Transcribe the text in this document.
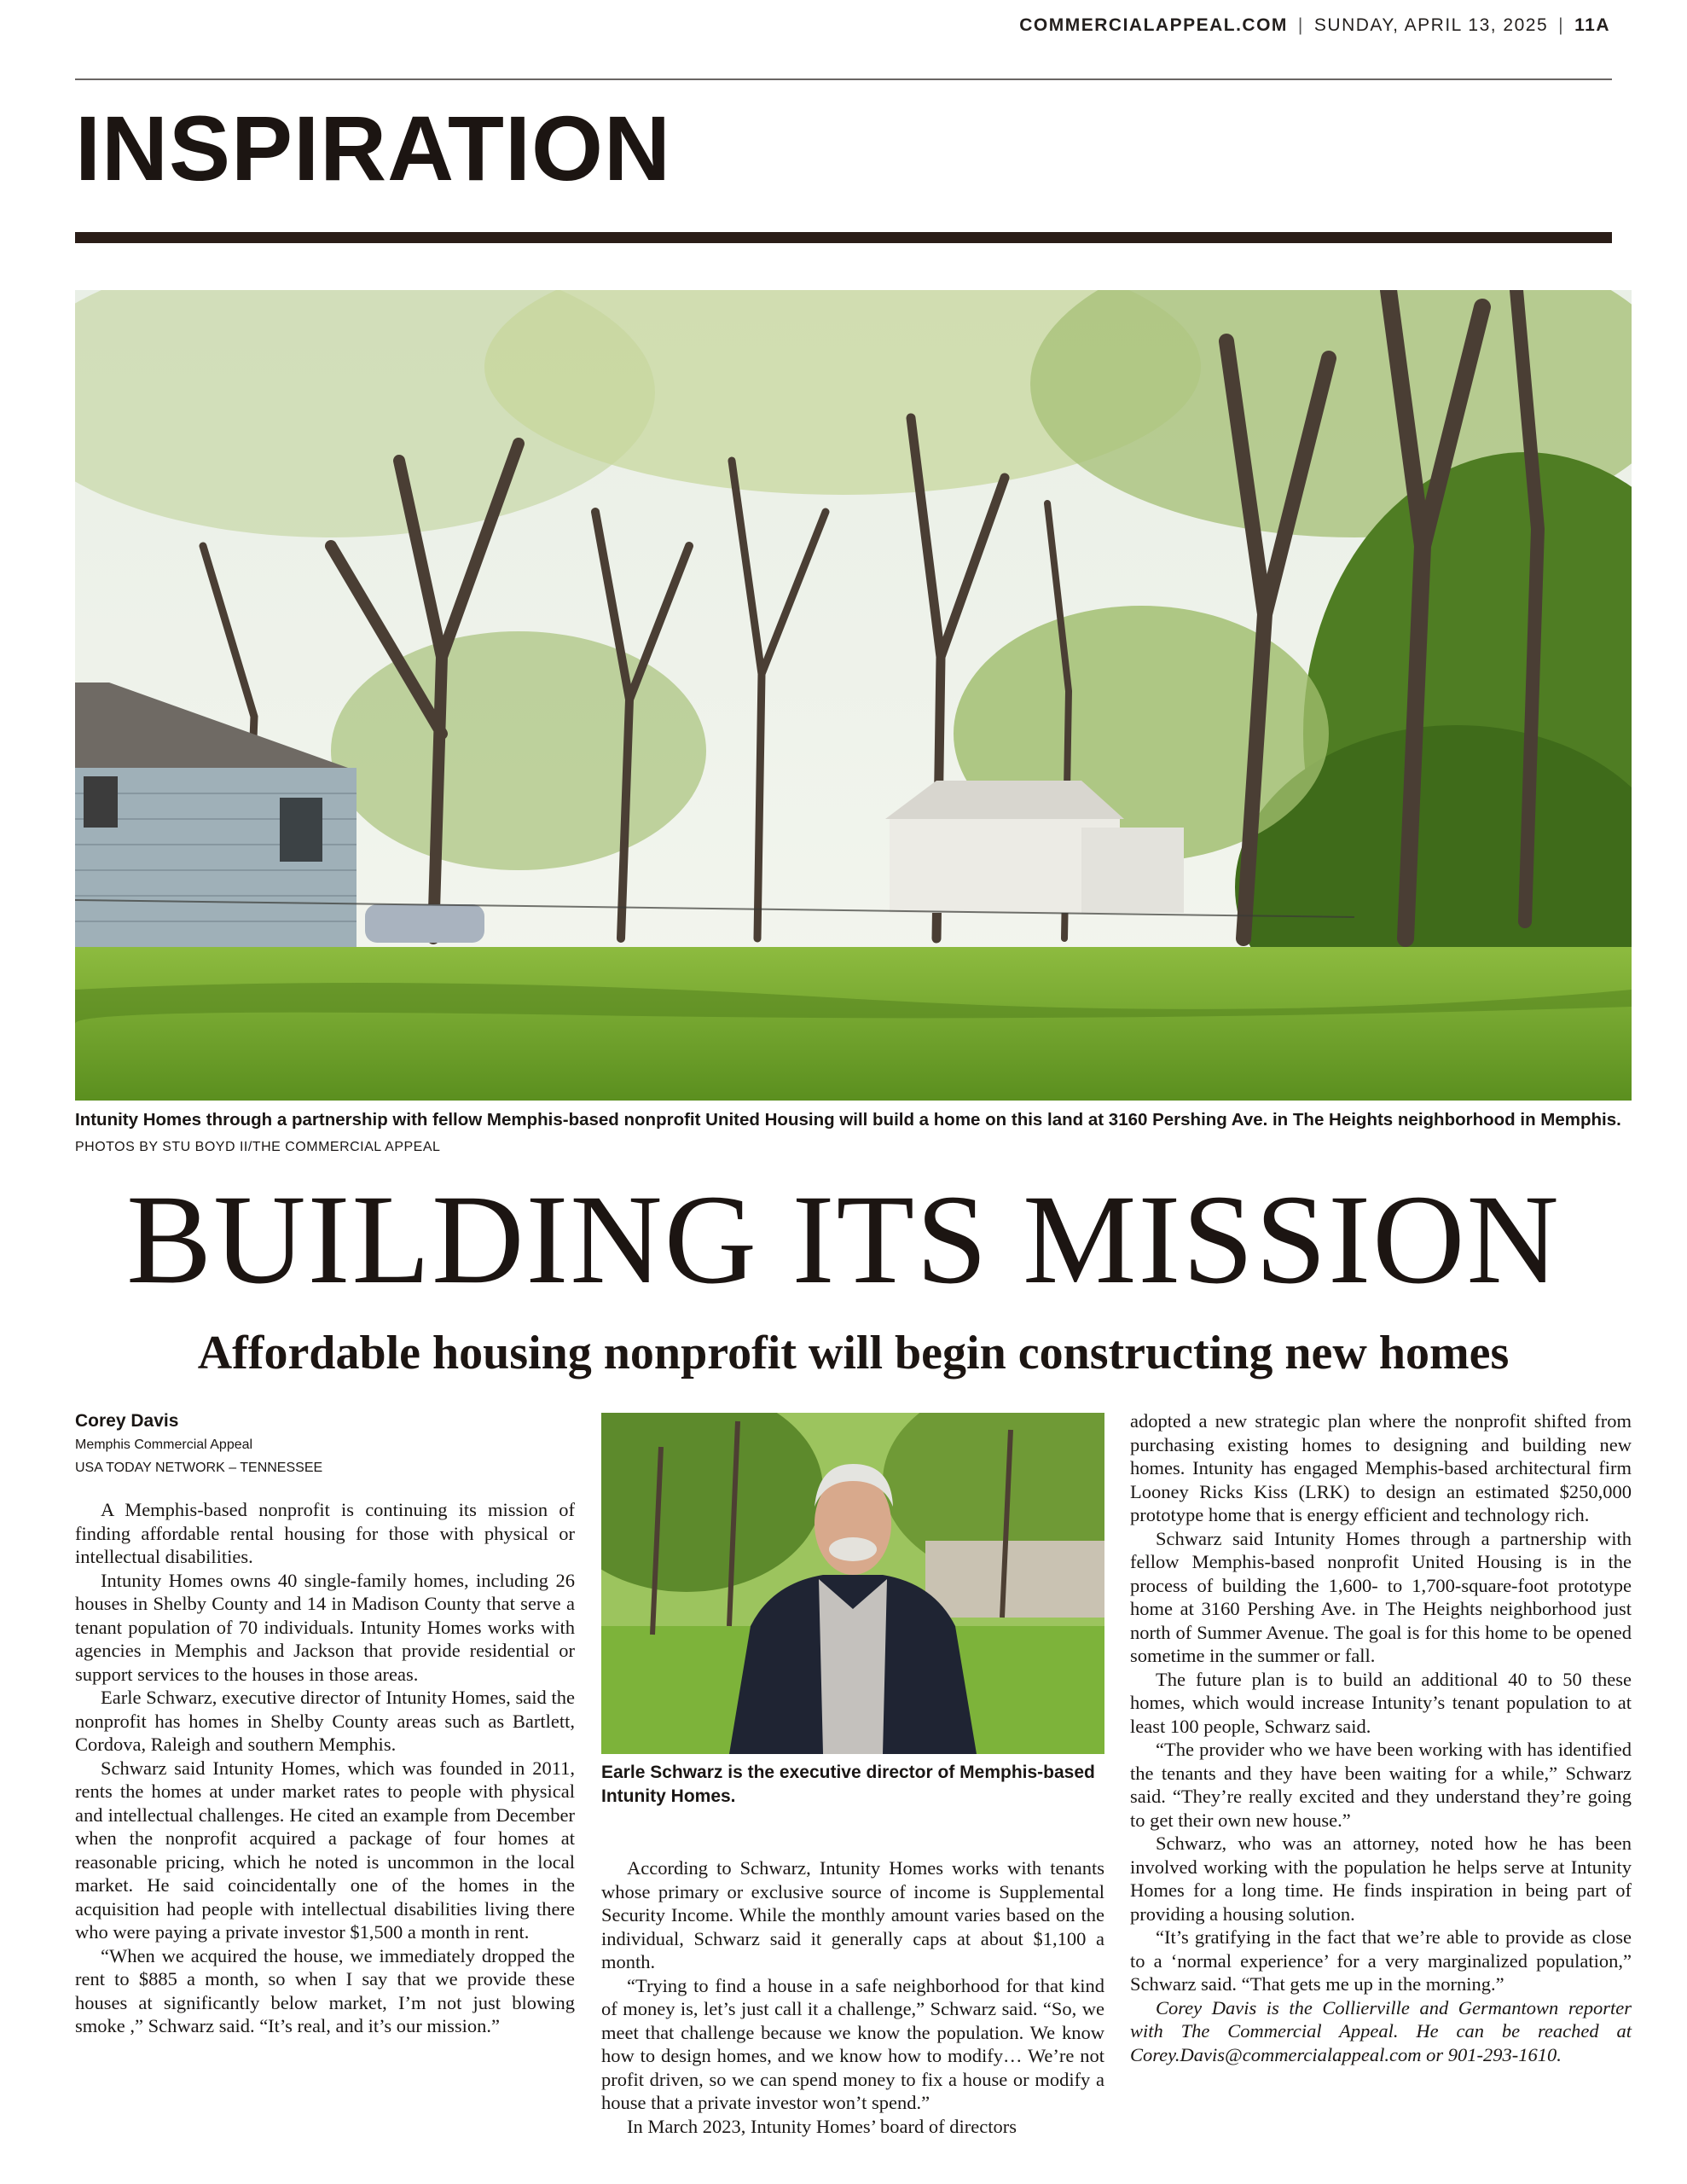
COMMERCIALAPPEAL.COM | SUNDAY, APRIL 13, 2025 | 11A
INSPIRATION
Intunity Homes through a partnership with fellow Memphis-based nonprofit United Housing will build a home on this land at 3160 Pershing Ave. in The Heights neighborhood in Memphis. PHOTOS BY STU BOYD II/THE COMMERCIAL APPEAL
BUILDING ITS MISSION
Affordable housing nonprofit will begin constructing new homes
Corey Davis
Memphis Commercial Appeal
USA TODAY NETWORK – TENNESSEE

A Memphis-based nonprofit is continuing its mission of finding affordable rental housing for those with physical or intellectual disabilities.

Intunity Homes owns 40 single-family homes, including 26 houses in Shelby County and 14 in Madison County that serve a tenant population of 70 individuals. Intunity Homes works with agencies in Memphis and Jackson that provide residential or support services to the houses in those areas.

Earle Schwarz, executive director of Intunity Homes, said the nonprofit has homes in Shelby County areas such as Bartlett, Cordova, Raleigh and southern Memphis.

Schwarz said Intunity Homes, which was founded in 2011, rents the homes at under market rates to people with physical and intellectual challenges. He cited an example from December when the nonprofit acquired a package of four homes at reasonable pricing, which he noted is uncommon in the local market. He said coincidentally one of the homes in the acquisition had people with intellectual disabilities living there who were paying a private investor $1,500 a month in rent.

“When we acquired the house, we immediately dropped the rent to $885 a month, so when I say that we provide these houses at significantly below market, I’m not just blowing smoke ,” Schwarz said. “It’s real, and it’s our mission.”

Earle Schwarz is the executive director of Memphis-based Intunity Homes.

According to Schwarz, Intunity Homes works with tenants whose primary or exclusive source of income is Supplemental Security Income. While the monthly amount varies based on the individual, Schwarz said it generally caps at about $1,100 a month.

“Trying to find a house in a safe neighborhood for that kind of money is, let’s just call it a challenge,” Schwarz said. “So, we meet that challenge because we know the population. We know how to design homes, and we know how to modify… We’re not profit driven, so we can spend money to fix a house or modify a house that a private investor won’t spend.”

In March 2023, Intunity Homes’ board of directors

adopted a new strategic plan where the nonprofit shifted from purchasing existing homes to designing and building new homes. Intunity has engaged Memphis-based architectural firm Looney Ricks Kiss (LRK) to design an estimated $250,000 prototype home that is energy efficient and technology rich.

Schwarz said Intunity Homes through a partnership with fellow Memphis-based nonprofit United Housing is in the process of building the 1,600- to 1,700-square-foot prototype home at 3160 Pershing Ave. in The Heights neighborhood just north of Summer Avenue. The goal is for this home to be opened sometime in the summer or fall.

The future plan is to build an additional 40 to 50 these homes, which would increase Intunity’s tenant population to at least 100 people, Schwarz said.

“The provider who we have been working with has identified the tenants and they have been waiting for a while,” Schwarz said. “They’re really excited and they understand they’re going to get their own new house.”

Schwarz, who was an attorney, noted how he has been involved working with the population he helps serve at Intunity Homes for a long time. He finds inspiration in being part of providing a housing solution.

“It’s gratifying in the fact that we’re able to provide as close to a ‘normal experience’ for a very marginalized population,” Schwarz said. “That gets me up in the morning.”

Corey Davis is the Collierville and Germantown reporter with The Commercial Appeal. He can be reached at Corey.Davis@commercialappeal.com or 901-293-1610.
